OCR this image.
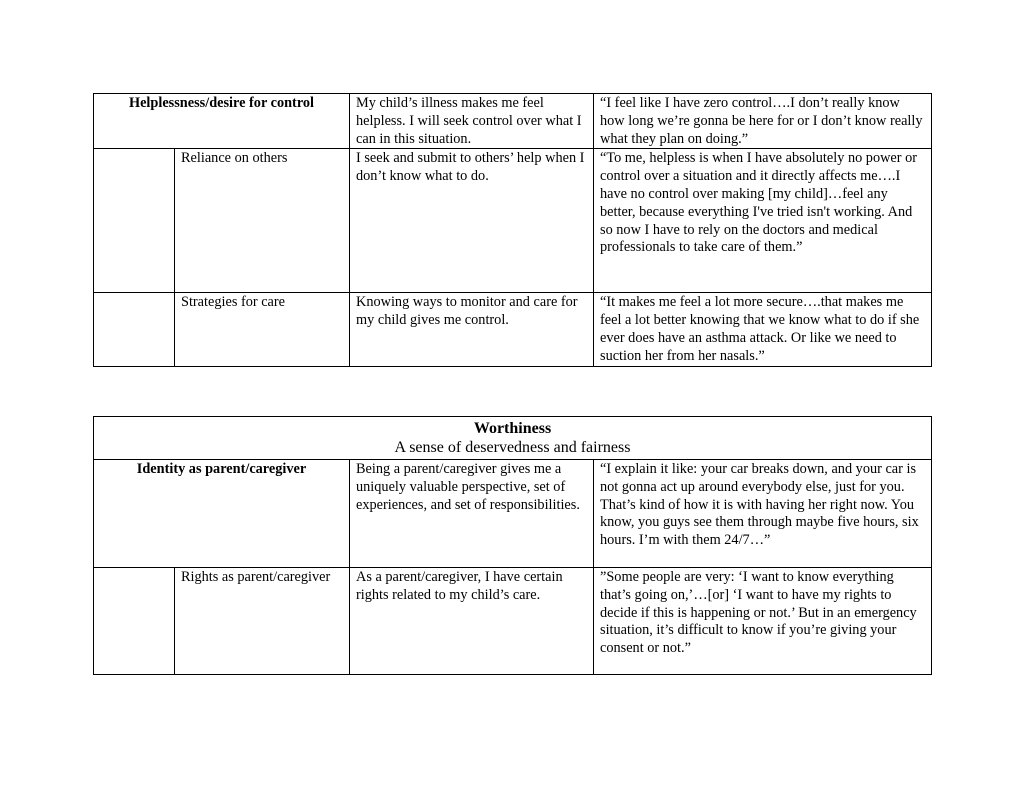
Helplessness/desire for control		My child’s illness makes me feel helpless. I will seek control over what I can in this situation.	“I feel like I have zero control….I don’t really know how long we’re gonna be here for or I don’t know really what they plan on doing.”
	Reliance on others	I seek and submit to others’ help when I don’t know what to do.	“To me, helpless is when I have absolutely no power or control over a situation and it directly affects me….I have no control over making [my child]…feel any better, because everything I've tried isn't working. And so now I have to rely on the doctors and medical professionals to take care of them.”
	Strategies for care	Knowing ways to monitor and care for my child gives me control.	“It makes me feel a lot more secure….that makes me feel a lot better knowing that we know what to do if she ever does have an asthma attack. Or like we need to suction her from her nasals.”
Worthiness
A sense of deservedness and fairness			

Identity as parent/caregiver		Being a parent/caregiver gives me a uniquely valuable perspective, set of experiences, and set of responsibilities.	“I explain it like: your car breaks down, and your car is not gonna act up around everybody else, just for you. That’s kind of how it is with having her right now. You know, you guys see them through maybe five hours, six hours. I’m with them 24/7…”
	Rights as parent/caregiver	As a parent/caregiver, I have certain rights related to my child’s care.	”Some people are very: ‘I want to know everything that’s going on,’…[or] ‘I want to have my rights to decide if this is happening or not.’ But in an emergency situation, it’s difficult to know if you’re giving your consent or not.”
